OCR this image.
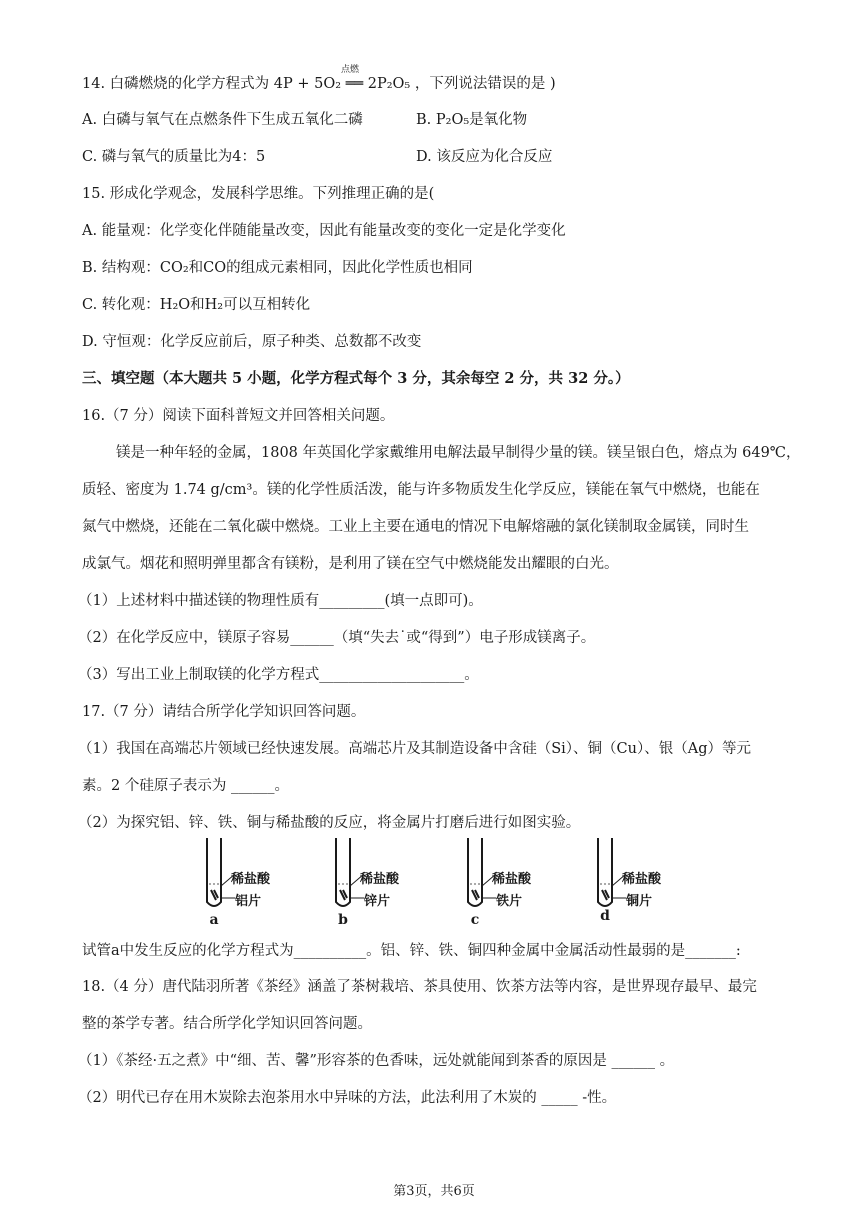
14. 白磷燃烧的化学方程式为 4P + 5O₂ ══ 2P₂O₅ ，下列说法错误的是 )
点燃
A. 白磷与氧气在点燃条件下生成五氧化二磷	B. P₂O₅是氧化物
C. 磷与氧气的质量比为4：5	D. 该反应为化合反应
15. 形成化学观念，发展科学思维。下列推理正确的是(
A. 能量观：化学变化伴随能量改变，因此有能量改变的变化一定是化学变化
B. 结构观：CO₂和CO的组成元素相同，因此化学性质也相同
C. 转化观：H₂O和H₂可以互相转化
D. 守恒观：化学反应前后，原子种类、总数都不改变
三、填空题（本大题共 5 小题，化学方程式每个 3 分，其余每空 2 分，共 32 分。）
16.（7 分）阅读下面科普短文并回答相关问题。
镁是一种年轻的金属，1808 年英国化学家戴维用电解法最早制得少量的镁。镁呈银白色，熔点为 649℃，
质轻、密度为 1.74 g/cm³。镁的化学性质活泼，能与许多物质发生化学反应，镁能在氧气中燃烧，也能在
氮气中燃烧，还能在二氧化碳中燃烧。工业上主要在通电的情况下电解熔融的氯化镁制取金属镁，同时生
成氯气。烟花和照明弹里都含有镁粉，是利用了镁在空气中燃烧能发出耀眼的白光。
（1）上述材料中描述镁的物理性质有_________(填一点即可)。
（2）在化学反应中，镁原子容易______（填“失去˙或“得到”）电子形成镁离子。
（3）写出工业上制取镁的化学方程式____________________。
17.（7 分）请结合所学化学知识回答问题。
（1）我国在高端芯片领域已经快速发展。高端芯片及其制造设备中含硅（Si）、铜（Cu）、银（Ag）等元
素。2 个硅原子表示为 ______。
（2）为探究铝、锌、铁、铜与稀盐酸的反应，将金属片打磨后进行如图实验。
稀盐酸
铝片
a
稀盐酸
锌片
b
稀盐酸
铁片
c
稀盐酸
铜片
d
试管a中发生反应的化学方程式为__________。铝、锌、铁、铜四种金属中金属活动性最弱的是_______:
18.（4 分）唐代陆羽所著《茶经》涵盖了茶树栽培、茶具使用、饮茶方法等内容，是世界现存最早、最完
整的茶学专著。结合所学化学知识回答问题。
（1）《茶经·五之煮》中“细、苦、馨”形容茶的色香味，远处就能闻到茶香的原因是 ______ 。
（2）明代已存在用木炭除去泡茶用水中异味的方法，此法利用了木炭的 _____ -性。
第3页，共6页
